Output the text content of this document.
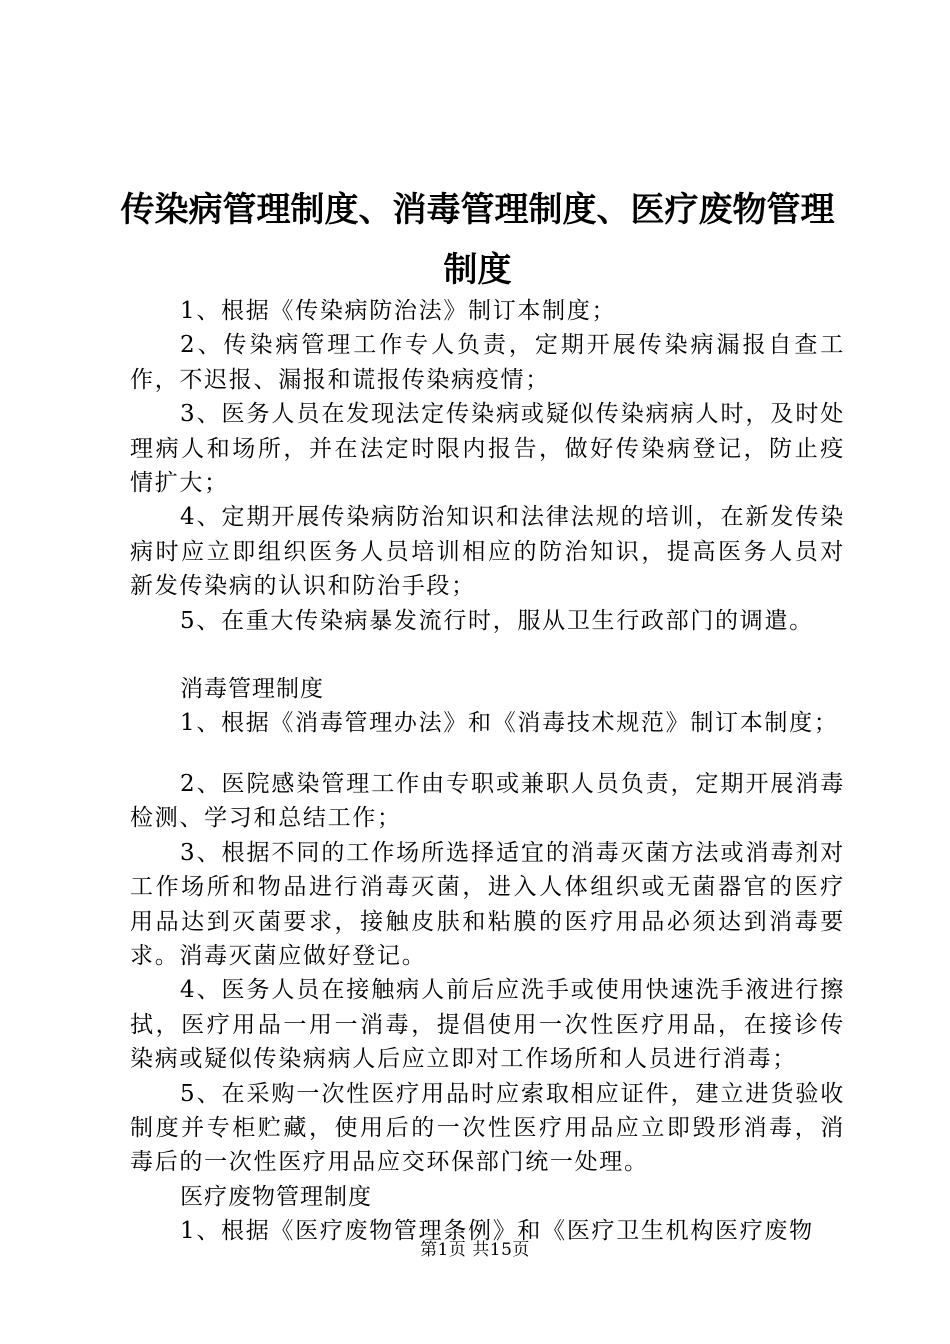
传染病管理制度、消毒管理制度、医疗废物管理制度

1、根据《传染病防治法》制订本制度；

2、传染病管理工作专人负责，定期开展传染病漏报自查工作，不迟报、漏报和谎报传染病疫情；

3、医务人员在发现法定传染病或疑似传染病病人时，及时处理病人和场所，并在法定时限内报告，做好传染病登记，防止疫情扩大；

4、定期开展传染病防治知识和法律法规的培训，在新发传染病时应立即组织医务人员培训相应的防治知识，提高医务人员对新发传染病的认识和防治手段；

5、在重大传染病暴发流行时，服从卫生行政部门的调遣。

消毒管理制度

1、根据《消毒管理办法》和《消毒技术规范》制订本制度；

2、医院感染管理工作由专职或兼职人员负责，定期开展消毒检测、学习和总结工作；

3、根据不同的工作场所选择适宜的消毒灭菌方法或消毒剂对工作场所和物品进行消毒灭菌，进入人体组织或无菌器官的医疗用品达到灭菌要求，接触皮肤和粘膜的医疗用品必须达到消毒要求。消毒灭菌应做好登记。

4、医务人员在接触病人前后应洗手或使用快速洗手液进行擦拭，医疗用品一用一消毒，提倡使用一次性医疗用品，在接诊传染病或疑似传染病病人后应立即对工作场所和人员进行消毒；

5、在采购一次性医疗用品时应索取相应证件，建立进货验收制度并专柜贮藏，使用后的一次性医疗用品应立即毁形消毒，消毒后的一次性医疗用品应交环保部门统一处理。

医疗废物管理制度

1、根据《医疗废物管理条例》和《医疗卫生机构医疗废物

第1页 共15页
